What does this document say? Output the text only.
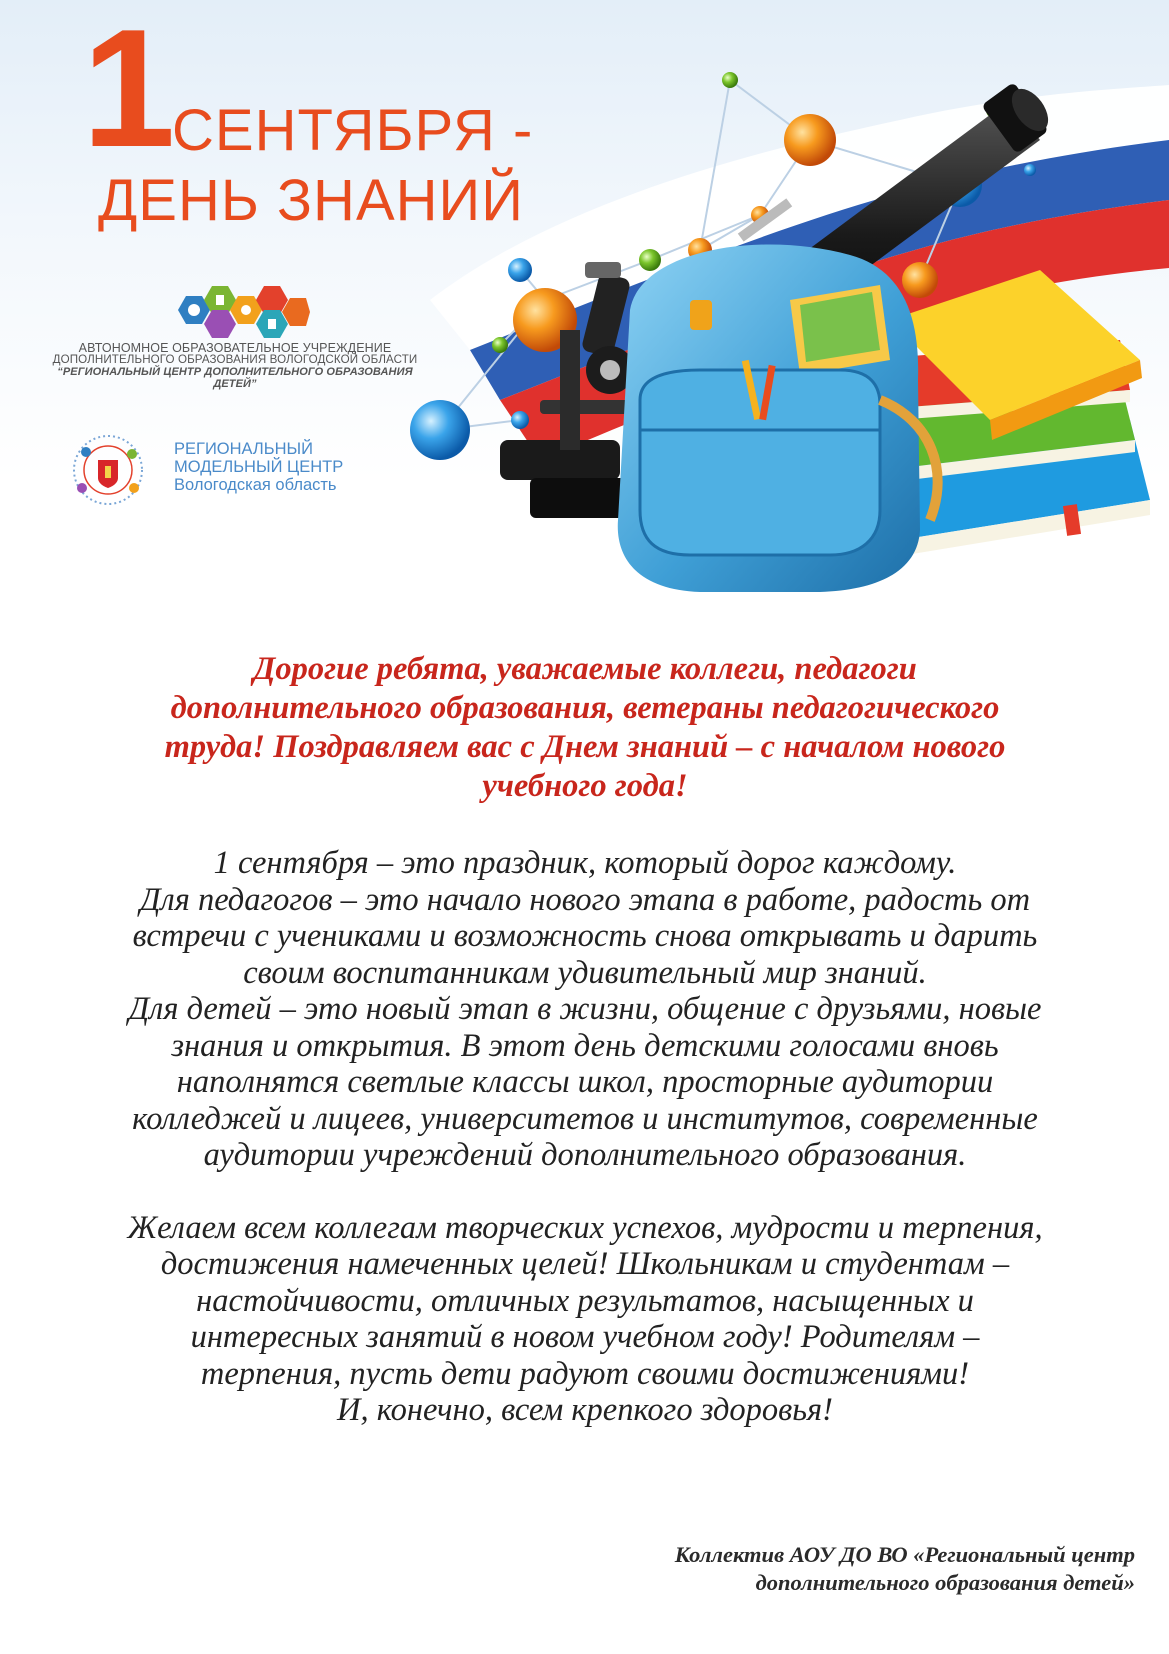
1 СЕНТЯБРЯ -
ДЕНЬ ЗНАНИЙ
АВТОНОМНОЕ ОБРАЗОВАТЕЛЬНОЕ УЧРЕЖДЕНИЕ
ДОПОЛНИТЕЛЬНОГО ОБРАЗОВАНИЯ ВОЛОГОДСКОЙ ОБЛАСТИ
“РЕГИОНАЛЬНЫЙ ЦЕНТР ДОПОЛНИТЕЛЬНОГО ОБРАЗОВАНИЯ ДЕТЕЙ”
РЕГИОНАЛЬНЫЙ
МОДЕЛЬНЫЙ ЦЕНТР
Вологодская область
Дорогие ребята, уважаемые коллеги, педагоги
дополнительного образования, ветераны педагогического
труда! Поздравляем вас с Днем знаний – с началом нового
учебного года!
1 сентября – это праздник, который дорог каждому.
Для педагогов – это начало нового этапа в работе, радость от
встречи с учениками и возможность снова открывать и дарить
своим воспитанникам удивительный мир знаний.
Для детей – это новый этап в жизни, общение с друзьями, новые
знания и открытия. В этот день детскими голосами вновь
наполнятся светлые классы школ, просторные аудитории
колледжей и лицеев, университетов и институтов, современные
аудитории учреждений дополнительного образования.
Желаем всем коллегам творческих успехов, мудрости и терпения,
достижения намеченных целей! Школьникам и студентам –
настойчивости, отличных результатов, насыщенных и
интересных занятий в новом учебном году! Родителям –
терпения, пусть дети радуют своими достижениями!
И, конечно, всем крепкого здоровья!
Коллектив АОУ ДО ВО «Региональный центр
дополнительного образования детей»
